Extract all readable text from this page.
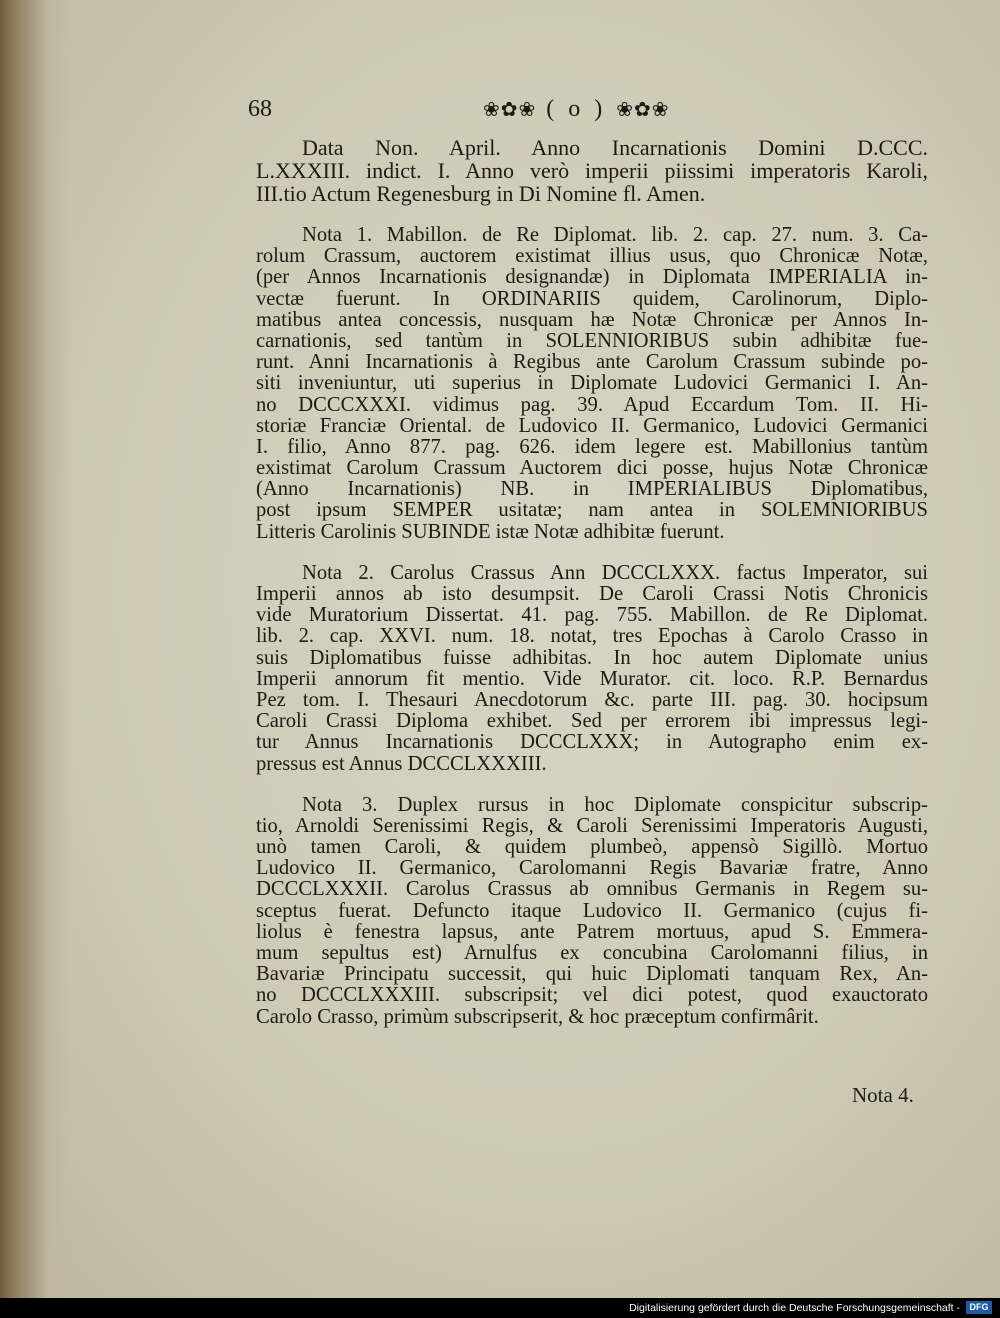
68	❀✿❀ ( o ) ❀✿❀
Data Non. April. Anno Incarnationis Domini D.CCC.
L.XXXIII. indict. I. Anno verò imperii piissimi imperatoris Karoli,
III.tio Actum Regenesburg in Di Nomine fl. Amen.
Nota 1. Mabillon. de Re Diplomat. lib. 2. cap. 27. num. 3. Ca-
rolum Crassum, auctorem existimat illius usus, quo Chronicæ Notæ,
(per Annos Incarnationis designandæ) in Diplomata IMPERIALIA in-
vectæ fuerunt. In ORDINARIIS quidem, Carolinorum, Diplo-
matibus antea concessis, nusquam hæ Notæ Chronicæ per Annos In-
carnationis, sed tantùm in SOLENNIORIBUS subin adhibitæ fue-
runt. Anni Incarnationis à Regibus ante Carolum Crassum subinde po-
siti inveniuntur, uti superius in Diplomate Ludovici Germanici I. An-
no DCCCXXXI. vidimus pag. 39. Apud Eccardum Tom. II. Hi-
storiæ Franciæ Oriental. de Ludovico II. Germanico, Ludovici Germanici
I. filio, Anno 877. pag. 626. idem legere est. Mabillonius tantùm
existimat Carolum Crassum Auctorem dici posse, hujus Notæ Chronicæ
(Anno Incarnationis) NB. in IMPERIALIBUS Diplomatibus,
post ipsum SEMPER usitatæ; nam antea in SOLEMNIORIBUS
Litteris Carolinis SUBINDE istæ Notæ adhibitæ fuerunt.
Nota 2. Carolus Crassus Ann DCCCLXXX. factus Imperator, sui
Imperii annos ab isto desumpsit. De Caroli Crassi Notis Chronicis
vide Muratorium Dissertat. 41. pag. 755. Mabillon. de Re Diplomat.
lib. 2. cap. XXVI. num. 18. notat, tres Epochas à Carolo Crasso in
suis Diplomatibus fuisse adhibitas. In hoc autem Diplomate unius
Imperii annorum fit mentio. Vide Murator. cit. loco. R.P. Bernardus
Pez tom. I. Thesauri Anecdotorum &c. parte III. pag. 30. hocipsum
Caroli Crassi Diploma exhibet. Sed per errorem ibi impressus legi-
tur Annus Incarnationis DCCCLXXX; in Autographo enim ex-
pressus est Annus DCCCLXXXIII.
Nota 3. Duplex rursus in hoc Diplomate conspicitur subscrip-
tio, Arnoldi Serenissimi Regis, & Caroli Serenissimi Imperatoris Augusti,
unò tamen Caroli, & quidem plumbeò, appensò Sigillò. Mortuo
Ludovico II. Germanico, Carolomanni Regis Bavariæ fratre, Anno
DCCCLXXXII. Carolus Crassus ab omnibus Germanis in Regem su-
sceptus fuerat. Defuncto itaque Ludovico II. Germanico (cujus fi-
liolus è fenestra lapsus, ante Patrem mortuus, apud S. Emmera-
mum sepultus est) Arnulfus ex concubina Carolomanni filius, in
Bavariæ Principatu successit, qui huic Diplomati tanquam Rex, An-
no DCCCLXXXIII. subscripsit; vel dici potest, quod exauctorato
Carolo Crasso, primùm subscripserit, & hoc præceptum confirmârit.
Nota 4.
Digitalisierung gefördert durch die Deutsche Forschungsgemeinschaft -	DFG
